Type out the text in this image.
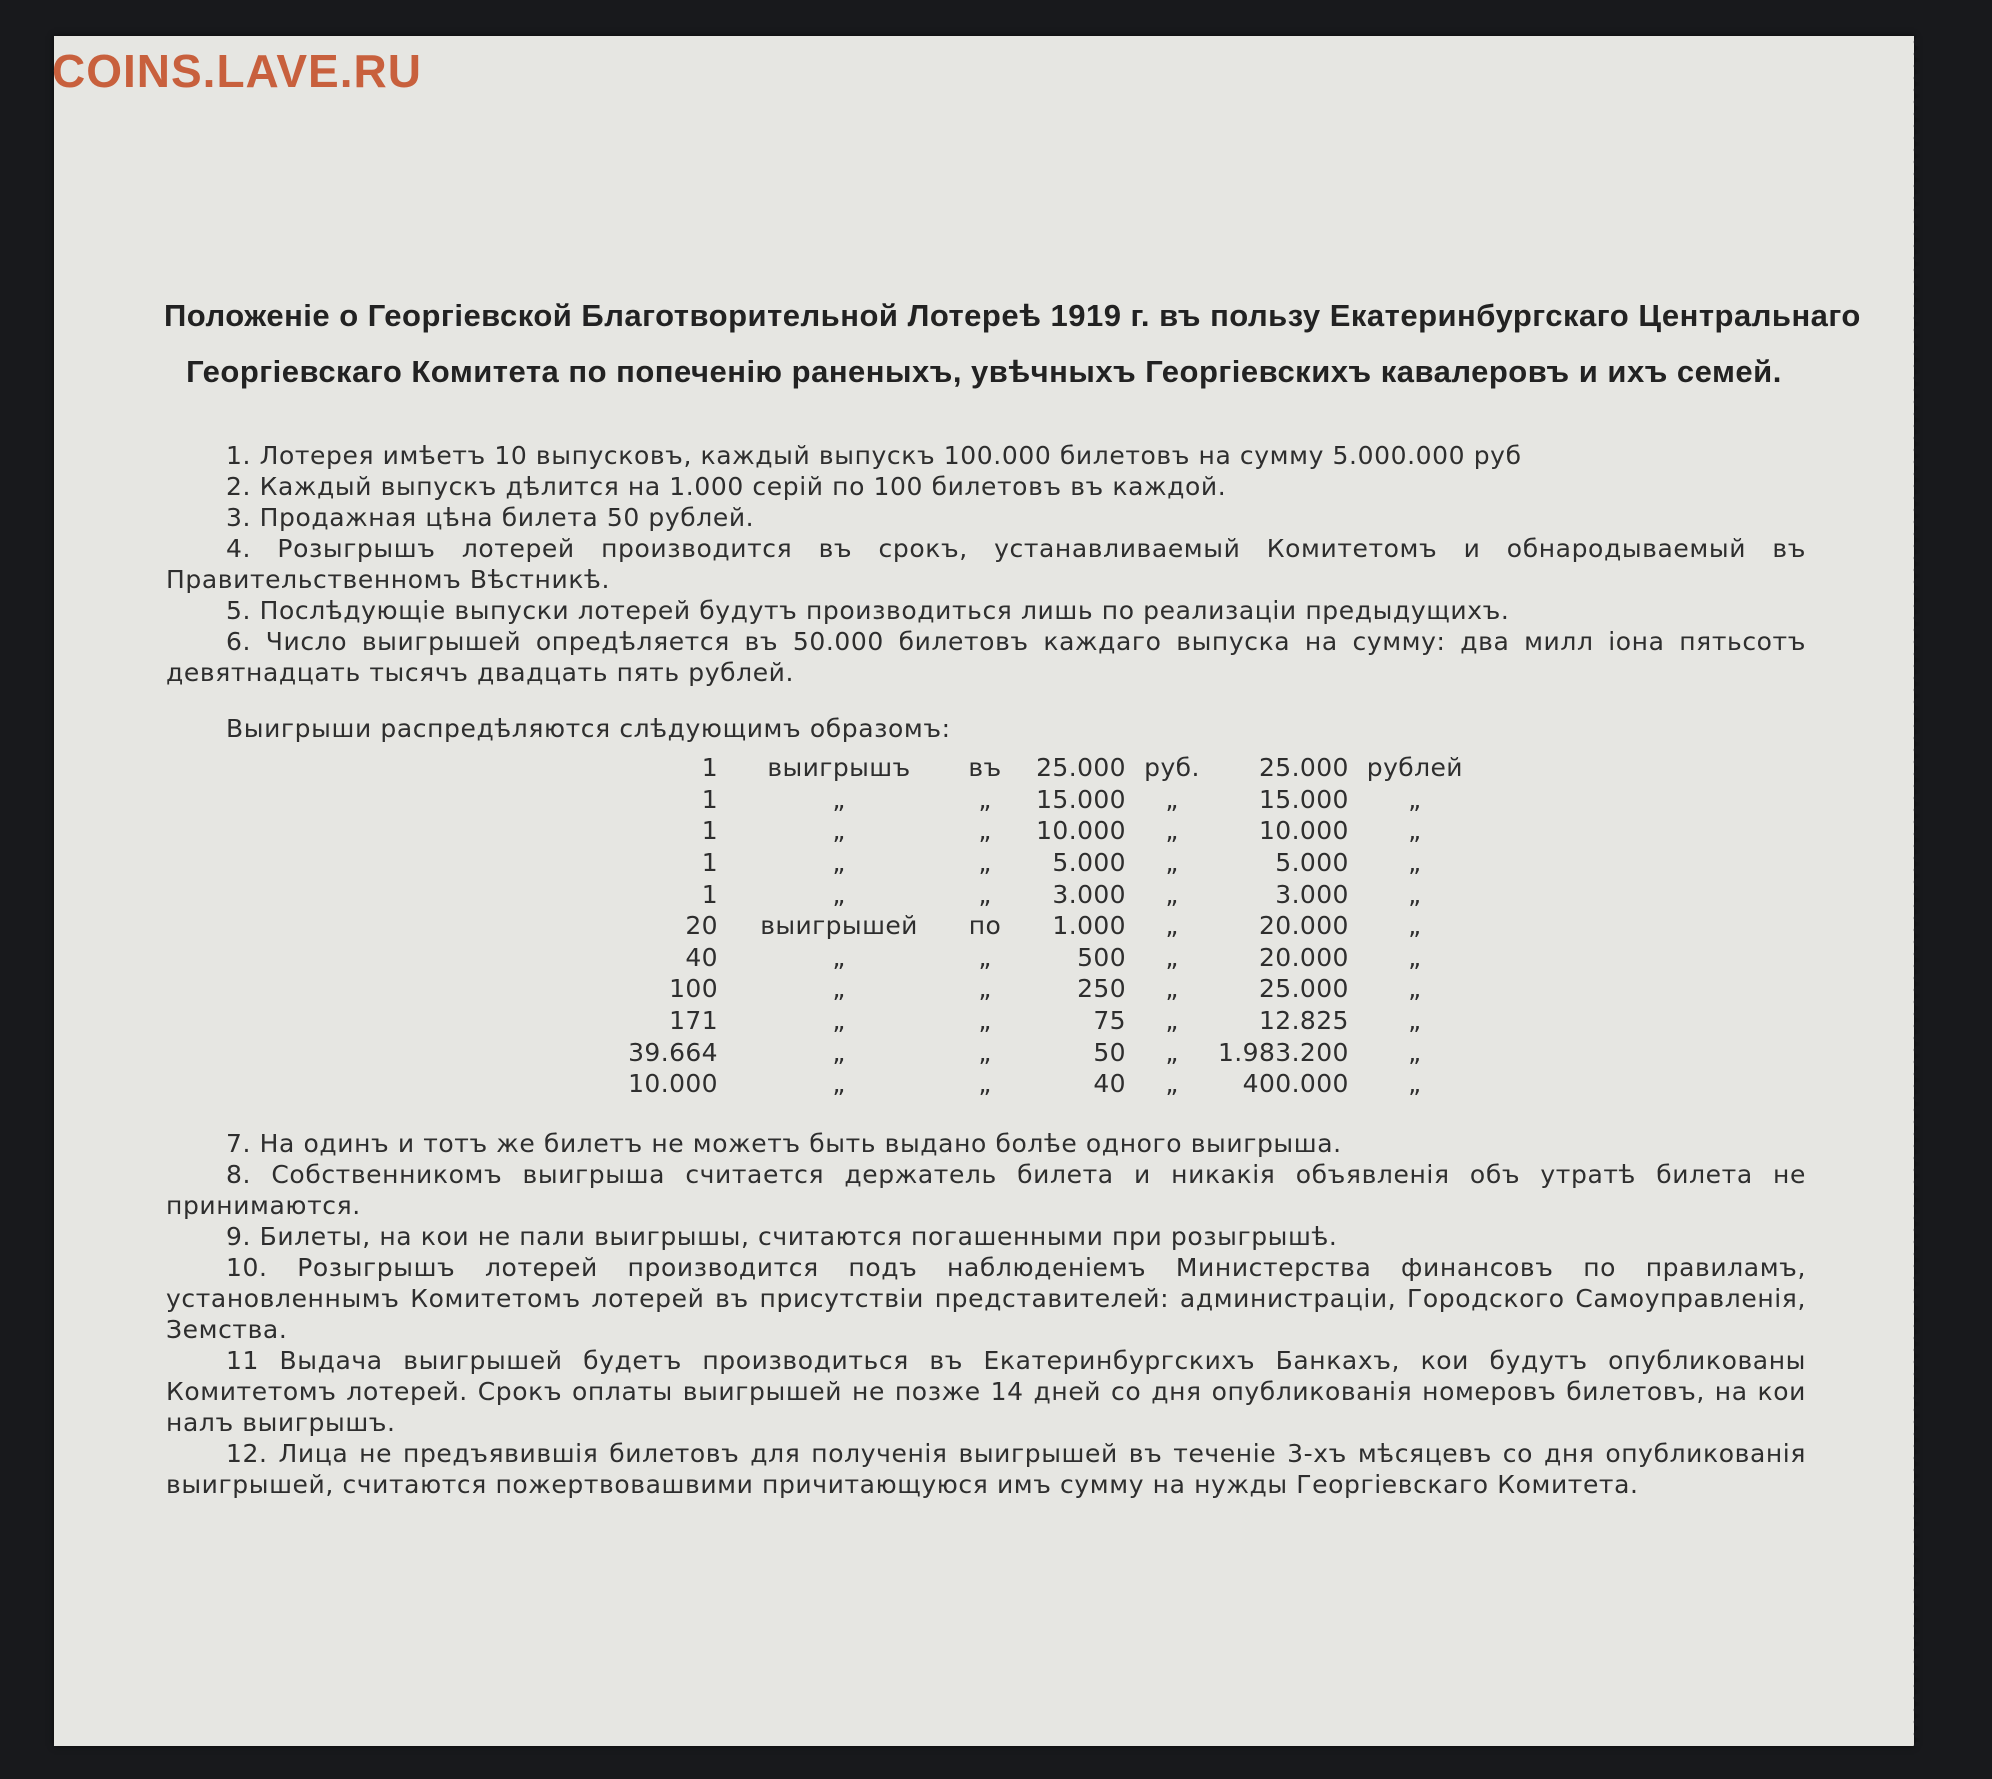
Положенiе о Георгiевской Благотворительной Лотереѣ 1919 г. въ пользу Екатеринбургскаго Центральнаго
Георгiевскаго Комитета по попеченiю раненыхъ, увѣчныхъ Георгiевскихъ кавалеровъ и ихъ семей.

1. Лотерея имѣетъ 10 выпусковъ, каждый выпускъ 100.000 билетовъ на сумму 5.000.000 руб

2. Каждый выпускъ дѣлится на 1.000 серiй по 100 билетовъ въ каждой.

3. Продажная цѣна билета 50 рублей.

4. Розыгрышъ лотерей производится въ срокъ, устанавливаемый Комитетомъ и обнародываемый въ Правительственномъ Вѣстникѣ.

5. Послѣдующiе выпуски лотерей будутъ производиться лишь по реализацiи предыдущихъ.

6. Число выигрышей опредѣляется въ 50.000 билетовъ каждаго выпуска на сумму: два милл iона пятьсотъ девятнадцать тысячъ двадцать пять рублей.

Выигрыши распредѣляются слѣдующимъ образомъ:
1	выигрышъ	въ	25.000	руб.	25.000	рублей
1	„	„	15.000	„	15.000	„
1	„	„	10.000	„	10.000	„
1	„	„	5.000	„	5.000	„
1	„	„	3.000	„	3.000	„
20	выигрышей	по	1.000	„	20.000	„
40	„	„	500	„	20.000	„
100	„	„	250	„	25.000	„
171	„	„	75	„	12.825	„
39.664	„	„	50	„	1.983.200	„
10.000	„	„	40	„	400.000	„

7. На одинъ и тотъ же билетъ не можетъ быть выдано болѣе одного выигрыша.

8. Собственникомъ выигрыша считается держатель билета и никакiя объявленiя объ утратѣ билета не принимаются.

9. Билеты, на кои не пали выигрышы, считаются погашенными при розыгрышѣ.

10. Розыгрышъ лотерей производится подъ наблюденiемъ Министерства финансовъ по правиламъ, установленнымъ Комитетомъ лотерей въ присутствiи представителей: администрацiи, Городского Самоуправленiя, Земства.

11 Выдача выигрышей будетъ производиться въ Екатеринбургскихъ Банкахъ, кои будутъ опубликованы Комитетомъ лотерей. Срокъ оплаты выигрышей не позже 14 дней со дня опубликованiя номеровъ билетовъ, на кои налъ выигрышъ.

12. Лица не предъявившiя билетовъ для полученiя выигрышей въ теченiе 3-хъ мѣсяцевъ со дня опубликованiя выигрышей, считаются пожертвовашвими причитающуюся имъ сумму на нужды Георгiевскаго Комитета.

COINS.LAVE.RU
